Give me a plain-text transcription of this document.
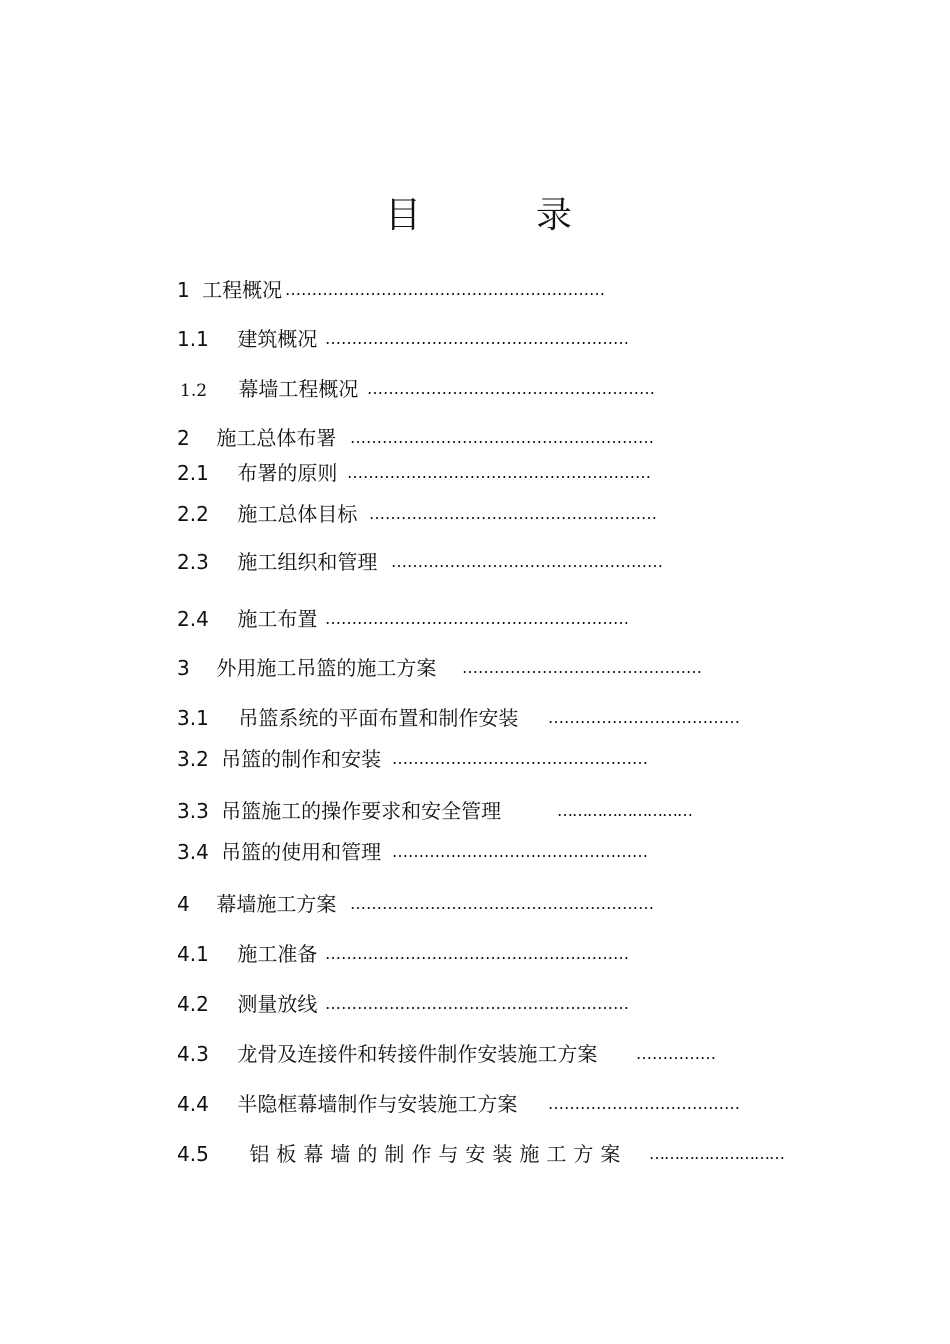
目	录
1 工程概况 ……………………………………………………
1.1 建筑概况 …………………………………………………
1.2 幕墙工程概况 ………………………………………………
2 施工总体布署 …………………………………………………
2.1 布署的原则 …………………………………………………
2.2 施工总体目标 ………………………………………………
2.3 施工组织和管理 ……………………………………………
2.4 施工布置 …………………………………………………
3 外用施工吊篮的施工方案 ………………………………………
3.1 吊篮系统的平面布置和制作安装 ………………………………
3.2 吊篮的制作和安装 …………………………………………
3.3 吊篮施工的操作要求和安全管理	………………………
3.4 吊篮的使用和管理 …………………………………………
4 幕墙施工方案 …………………………………………………
4.1 施工准备 …………………………………………………
4.2 测量放线 …………………………………………………
4.3 龙骨及连接件和转接件制作安装施工方案 ……………
4.4 半隐框幕墙制作与安装施工方案 ………………………………
4.5 铝板幕墙的制作与安装施工方案 ………………………
